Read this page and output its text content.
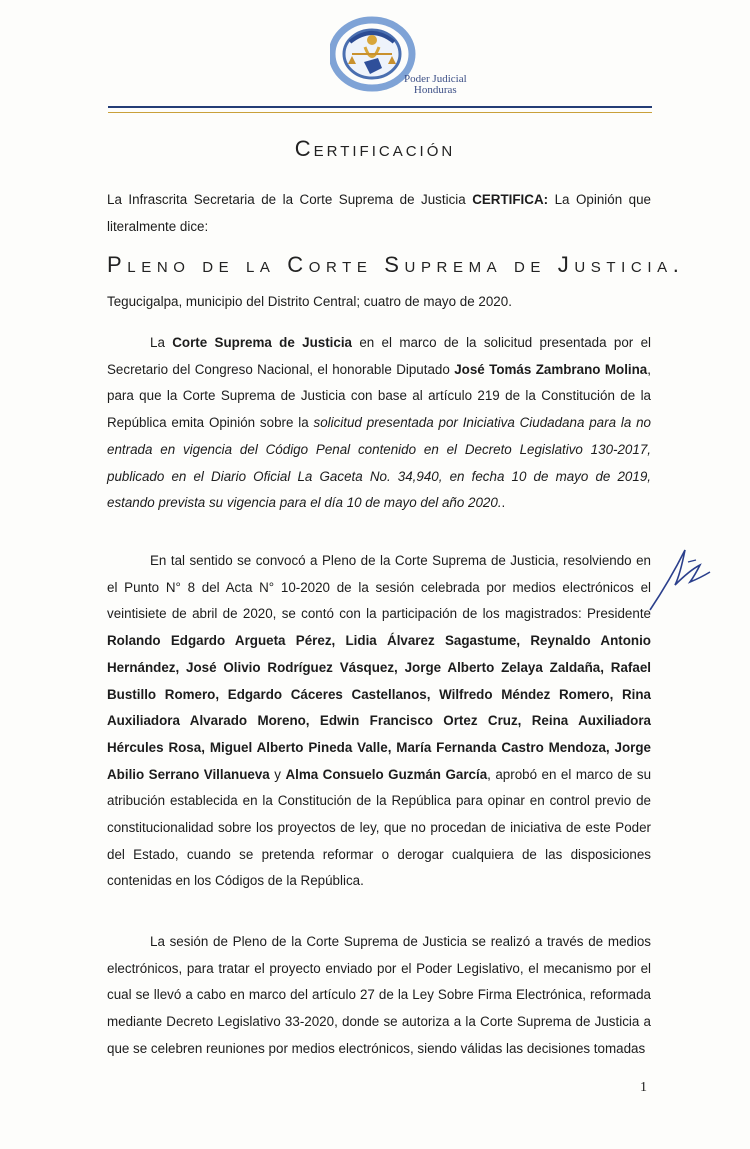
Poder Judicial
Honduras
Certificación
La Infrascrita Secretaria de la Corte Suprema de Justicia CERTIFICA: La Opinión que literalmente dice:
Pleno de la Corte Suprema de Justicia.
Tegucigalpa, municipio del Distrito Central; cuatro de mayo de 2020.
La Corte Suprema de Justicia en el marco de la solicitud presentada por el Secretario del Congreso Nacional, el honorable Diputado José Tomás Zambrano Molina, para que la Corte Suprema de Justicia con base al artículo 219 de la Constitución de la República emita Opinión sobre la solicitud presentada por Iniciativa Ciudadana para la no entrada en vigencia del Código Penal contenido en el Decreto Legislativo 130-2017, publicado en el Diario Oficial La Gaceta No. 34,940, en fecha 10 de mayo de 2019, estando prevista su vigencia para el día 10 de mayo del año 2020..
En tal sentido se convocó a Pleno de la Corte Suprema de Justicia, resolviendo en el Punto N° 8 del Acta N° 10-2020 de la sesión celebrada por medios electrónicos el veintisiete de abril de 2020, se contó con la participación de los magistrados: Presidente Rolando Edgardo Argueta Pérez, Lidia Álvarez Sagastume, Reynaldo Antonio Hernández, José Olivio Rodríguez Vásquez, Jorge Alberto Zelaya Zaldaña, Rafael Bustillo Romero, Edgardo Cáceres Castellanos, Wilfredo Méndez Romero, Rina Auxiliadora Alvarado Moreno, Edwin Francisco Ortez Cruz, Reina Auxiliadora Hércules Rosa, Miguel Alberto Pineda Valle, María Fernanda Castro Mendoza, Jorge Abilio Serrano Villanueva y Alma Consuelo Guzmán García, aprobó en el marco de su atribución establecida en la Constitución de la República para opinar en control previo de constitucionalidad sobre los proyectos de ley, que no procedan de iniciativa de este Poder del Estado, cuando se pretenda reformar o derogar cualquiera de las disposiciones contenidas en los Códigos de la República.
La sesión de Pleno de la Corte Suprema de Justicia se realizó a través de medios electrónicos, para tratar el proyecto enviado por el Poder Legislativo, el mecanismo por el cual se llevó a cabo en marco del artículo 27 de la Ley Sobre Firma Electrónica, reformada mediante Decreto Legislativo 33-2020, donde se autoriza a la Corte Suprema de Justicia a que se celebren reuniones por medios electrónicos, siendo válidas las decisiones tomadas
1
